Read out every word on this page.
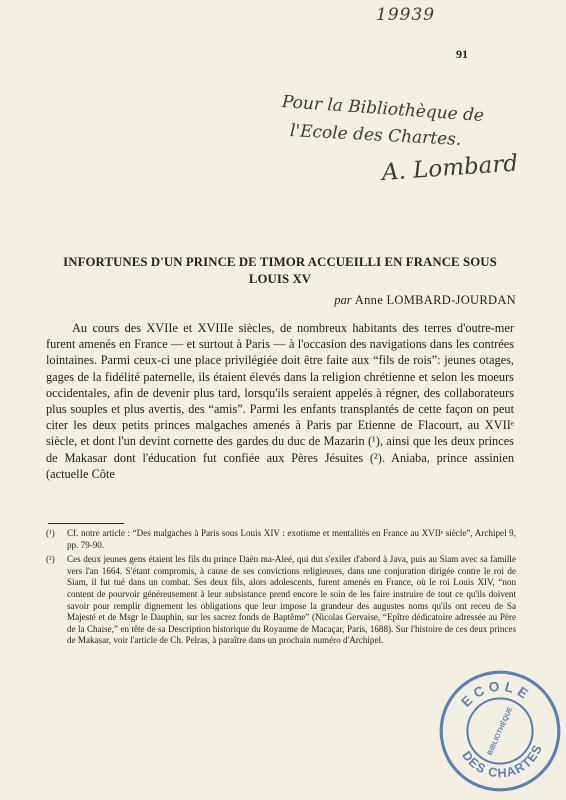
19939
91
Pour la Bibliothèque de
l'Ecole des Chartes.
A. Lombard
INFORTUNES D'UN PRINCE DE TIMOR ACCUEILLI EN FRANCE SOUS LOUIS XV
par Anne LOMBARD-JOURDAN

Au cours des XVIIe et XVIIIe siècles, de nombreux habitants des terres d'outre-mer furent amenés en France — et surtout à Paris — à l'occasion des navigations dans les contrées lointaines. Parmi ceux-ci une place privilégiée doit être faite aux “fils de rois”: jeunes otages, gages de la fidélité paternelle, ils étaient élevés dans la religion chrétienne et selon les moeurs occidentales, afin de devenir plus tard, lorsqu'ils seraient appelés à régner, des collaborateurs plus souples et plus avertis, des “amis”. Parmi les enfants transplantés de cette façon on peut citer les deux petits princes malgaches amenés à Paris par Etienne de Flacourt, au XVIIᵉ siècle, et dont l'un devint cornette des gardes du duc de Mazarin (¹), ainsi que les deux princes de Makasar dont l'éducation fut confiée aux Pères Jésuites (²). Aniaba, prince assinien (actuelle Côte

(¹) Cf. notre article : “Des malgaches à Paris sous Louis XIV : exotisme et mentalités en France au XVIIᵉ siècle”, Archipel 9, pp. 79-90.
(²) Ces deux jeunes gens étaient les fils du prince Daën ma-Aleé, qui dut s'exiler d'abord à Java, puis au Siam avec sa famille vers l'an 1664. S'étant compromis, à cause de ses convictions religieuses, dans une conjuration dirigée contre le roi de Siam, il fut tué dans un combat. Ses deux fils, alors adolescents, furent amenés en France, où le roi Louis XIV, “non content de pourvoir généreusement à leur subsistance prend encore le soin de les faire instruire de tout ce qu'ils doivent savoir pour remplir dignement les obligations que leur impose la grandeur des augustes noms qu'ils ont receu de Sa Majesté et de Msgr le Dauphin, sur les sacrez fonds de Baptême” (Nicolas Gervaise, “Epître dédicatoire adressée au Père de la Chaise,” en tête de sa Description historique du Royaume de Macaçar, Paris, 1688). Sur l'histoire de ces deux princes de Makasar, voir l'article de Ch. Pelras, à paraître dans un prochain numéro d'Archipel.
ECOLE
BIBLIOTHÈQUE
DES CHARTES
